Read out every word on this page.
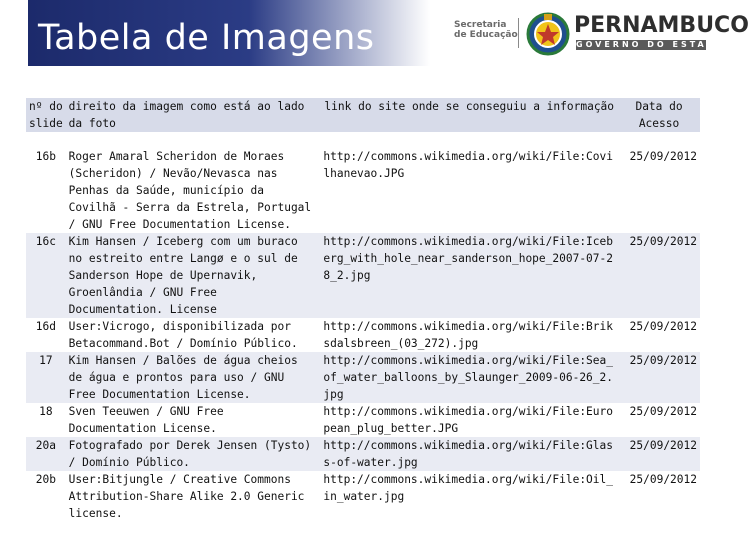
Tabela de Imagens	Secretaria de Educação	PERNAMBUCO
GOVERNO DO ESTADO
nº do slide	direito da imagem como está ao lado da foto	link do site onde se conseguiu a informação	Data do Acesso

16b	Roger Amaral Scheridon de Moraes (Scheridon) / Nevão/Nevasca nas Penhas da Saúde, município da Covilhã - Serra da Estrela, Portugal / GNU Free Documentation License.	http://commons.wikimedia.org/wiki/File:Covilhanevao.JPG	25/09/2012
16c	Kim Hansen / Iceberg com um buraco no estreito entre Langø e o sul de Sanderson Hope de Upernavik, Groenlândia / GNU Free Documentation. License	http://commons.wikimedia.org/wiki/File:Iceberg_with_hole_near_sanderson_hope_2007-07-28_2.jpg	25/09/2012
16d	User:Vicrogo, disponibilizada por Betacommand.Bot / Domínio Público.	http://commons.wikimedia.org/wiki/File:Briksdalsbreen_(03_272).jpg	25/09/2012
17	Kim Hansen / Balões de água cheios de água e prontos para uso / GNU Free Documentation License.	http://commons.wikimedia.org/wiki/File:Sea_of_water_balloons_by_Slaunger_2009-06-26_2.jpg	25/09/2012
18	Sven Teeuwen / GNU Free Documentation License.	http://commons.wikimedia.org/wiki/File:European_plug_better.JPG	25/09/2012
20a	Fotografado por Derek Jensen (Tysto) / Domínio Público.	http://commons.wikimedia.org/wiki/File:Glass-of-water.jpg	25/09/2012
20b	User:Bitjungle / Creative Commons Attribution-Share Alike 2.0 Generic license.	http://commons.wikimedia.org/wiki/File:Oil_in_water.jpg	25/09/2012
